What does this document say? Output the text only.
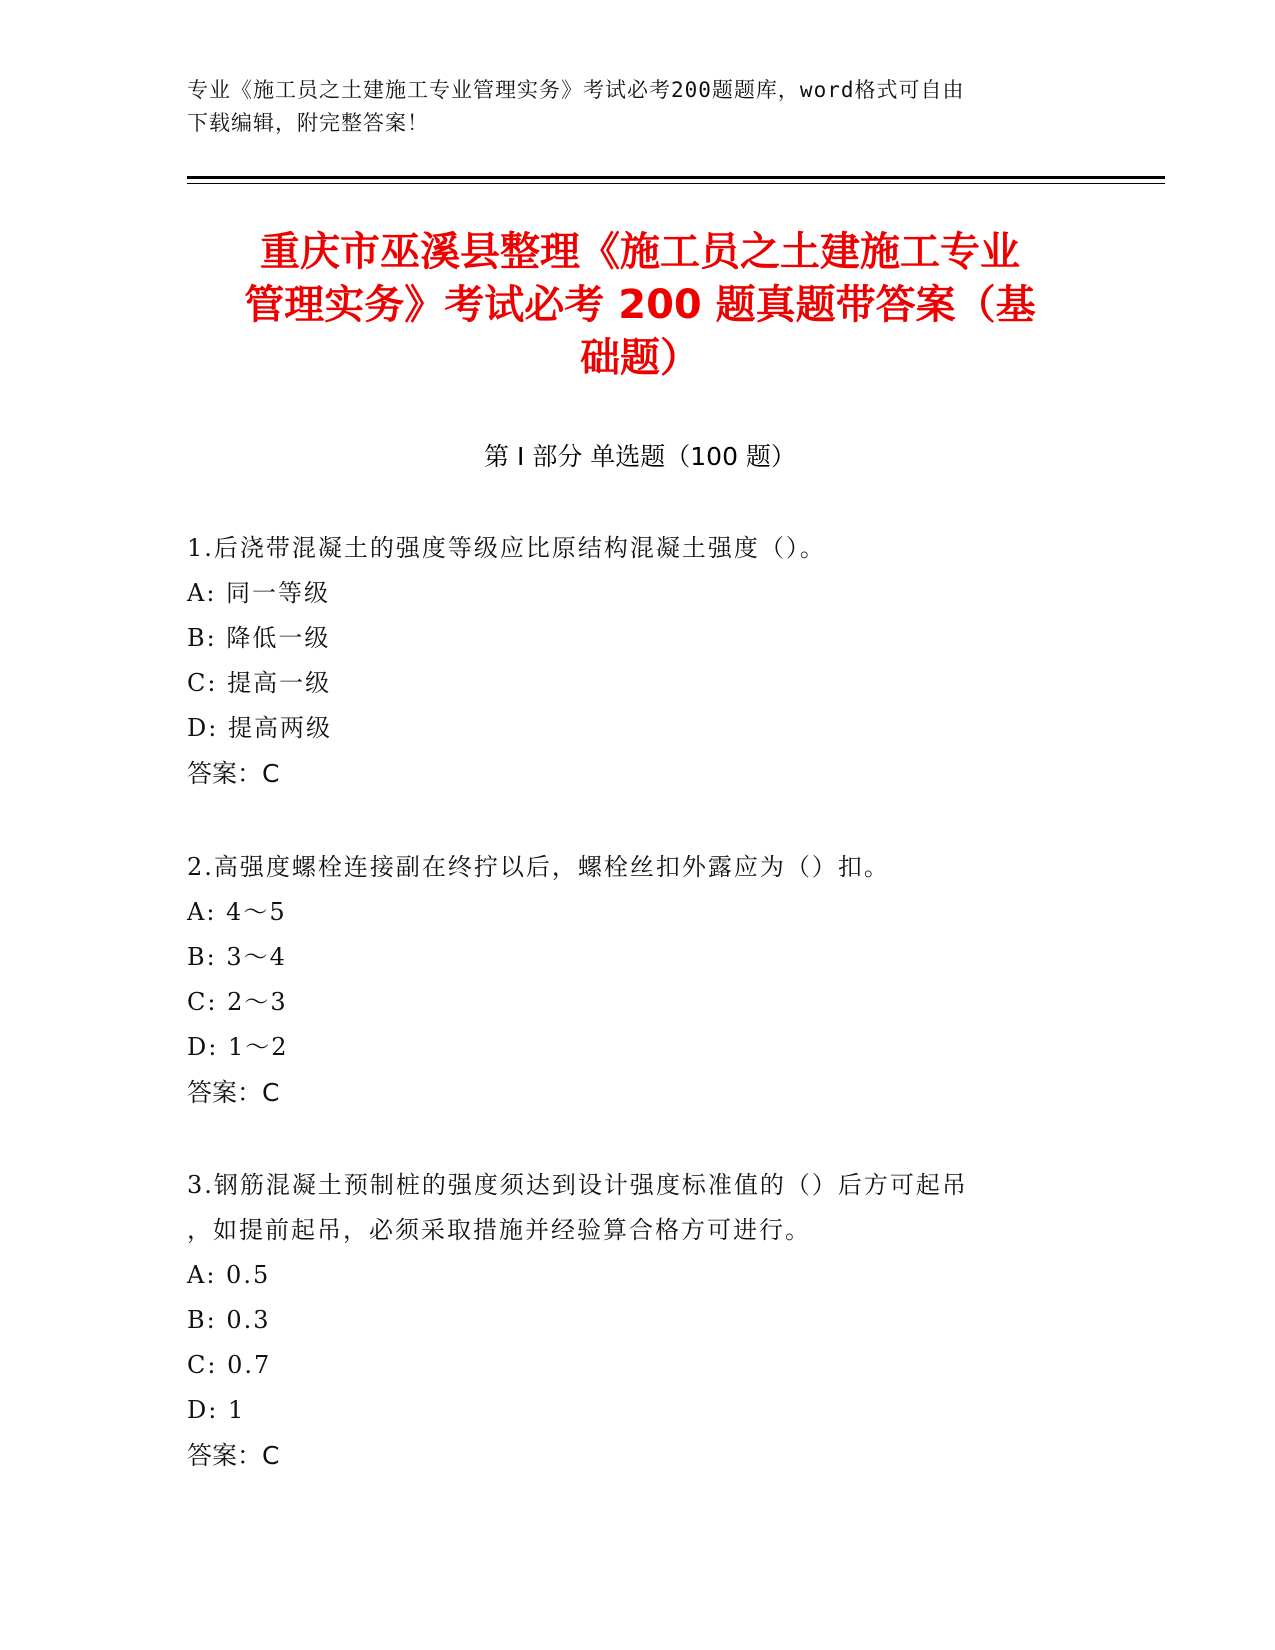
专业《施工员之土建施工专业管理实务》考试必考200题题库，word格式可自由
下载编辑，附完整答案！
重庆市巫溪县整理《施工员之土建施工专业
管理实务》考试必考 200 题真题带答案（基
础题）
第 I 部分 单选题（100 题）

1.后浇带混凝土的强度等级应比原结构混凝土强度（）。

A: 同一等级

B: 降低一级

C: 提高一级

D: 提高两级

答案：C

2.高强度螺栓连接副在终拧以后，螺栓丝扣外露应为（）扣。

A: 4～5

B: 3～4

C: 2～3

D: 1～2

答案：C

3.钢筋混凝土预制桩的强度须达到设计强度标准值的（）后方可起吊

，如提前起吊，必须采取措施并经验算合格方可进行。

A: 0.5

B: 0.3

C: 0.7

D: 1

答案：C
